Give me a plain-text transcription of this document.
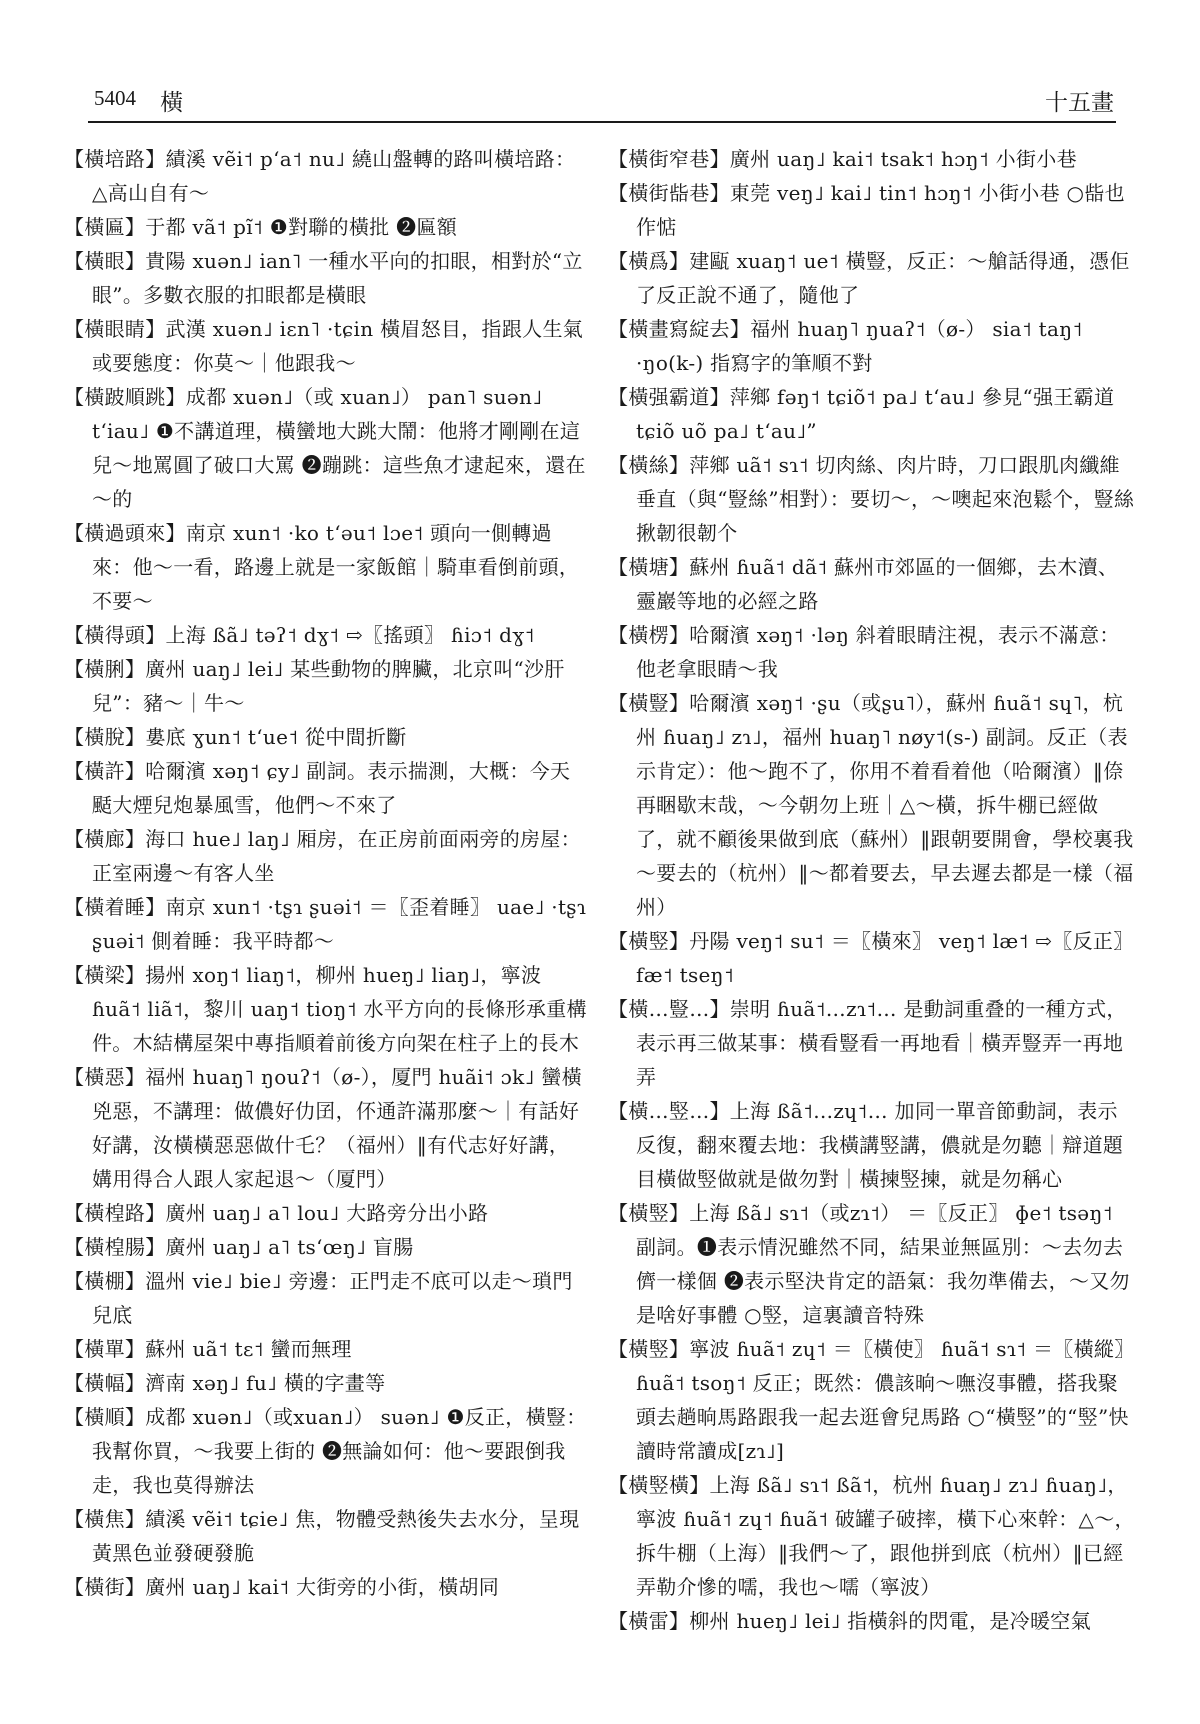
5404 橫	十五畫

【橫培路】績溪 vẽi˦ p‘a˦ nu˩ 繞山盤轉的路叫橫培路：△高山自有～

【橫匾】于都 vã˦ pĩ˦ ❶對聯的橫批 ❷匾額

【橫眼】貴陽 xuən˩ ian˥ 一種水平向的扣眼，相對於“立眼”。多數衣服的扣眼都是橫眼

【橫眼睛】武漢 xuən˩ iɛn˥ ·tɕin 橫眉怒目，指跟人生氣或要態度：你莫～｜他跟我～

【橫跛順跳】成都 xuən˩（或 xuan˩） pan˥ suən˩ t‘iau˩ ❶不講道理，橫蠻地大跳大鬧：他將才剛剛在這兒～地罵圓了破口大罵 ❷蹦跳：這些魚才逮起來，還在～的

【橫過頭來】南京 xun˦ ·ko t‘əu˦ lɔe˦ 頭向一側轉過來：他～一看，路邊上就是一家飯館｜騎車看倒前頭，不要～

【橫得頭】上海 ßã˩ təʔ˦ dɣ˦ ⇨〖搖頭〗 ɦiɔ˦ dɣ˦

【橫脷】廣州 uaŋ˩ lei˩ 某些動物的脾臟，北京叫“沙肝兒”：豬～｜牛～

【橫脫】婁底 ɣun˦ t‘ue˦ 從中間折斷

【橫許】哈爾濱 xəŋ˦ ɕy˩ 副詞。表示揣測，大概：今天颳大煙兒炮暴風雪，他們～不來了

【橫廊】海口 hue˩ laŋ˩ 厢房，在正房前面兩旁的房屋：正室兩邊～有客人坐

【橫着睡】南京 xun˦ ·tʂɿ ʂuəi˦ ＝〖歪着睡〗 uae˩ ·tʂɿ ʂuəi˦ 側着睡：我平時都～

【橫梁】揚州 xoŋ˦ liaŋ˦，柳州 hueŋ˩ liaŋ˩，寧波 ɦuã˦ liã˦，黎川 uaŋ˦ tioŋ˦ 水平方向的長條形承重構件。木結構屋架中專指順着前後方向架在柱子上的長木

【橫惡】福州 huaŋ˥ ŋouʔ˦（ø-），厦門 huãi˦ ɔk˩ 蠻橫兇惡，不講理：做儂好仂囝，伓通許滿那麼～｜有話好好講，汝橫橫惡惡做什乇？（福州）‖有代志好好講，媾用得合人跟人家起退～（厦門）

【橫楻路】廣州 uaŋ˩ a˥ lou˩ 大路旁分出小路

【橫楻腸】廣州 uaŋ˩ a˥ ts‘œŋ˩ 盲腸

【橫棚】溫州 vie˩ bie˩ 旁邊：正門走不底可以走～瑣門兒底

【橫單】蘇州 uã˦ tɛ˦ 蠻而無理

【橫幅】濟南 xəŋ˩ fu˩ 橫的字畫等

【橫順】成都 xuən˩（或xuan˩） suən˩ ❶反正，橫豎：我幫你買，～我要上街的 ❷無論如何：他～要跟倒我走，我也莫得辦法

【橫焦】績溪 vẽi˦ tɕie˩ 焦，物體受熱後失去水分，呈現黃黑色並發硬發脆

【橫街】廣州 uaŋ˩ kai˦ 大街旁的小街，橫胡同

【橫街窄巷】廣州 uaŋ˩ kai˦ tsak˦ hɔŋ˦ 小街小巷

【橫街啙巷】東莞 veŋ˩ kai˩ tin˦ hɔŋ˦ 小街小巷 ○啙也作惦

【橫爲】建甌 xuaŋ˦ ue˦ 橫豎，反正：～艙話得通，憑佢了反正說不通了，隨他了

【橫畫寫綻去】福州 huaŋ˥ ŋuaʔ˦（ø-） sia˦ taŋ˦ ·ŋo(k-) 指寫字的筆順不對

【橫强霸道】萍鄉 fəŋ˦ tɕiõ˦ pa˩ t‘au˩ 參見“强王霸道 tɕiõ uõ pa˩ t‘au˩”

【橫絲】萍鄉 uã˦ sɿ˦ 切肉絲、肉片時，刀口跟肌肉纖維垂直（與“豎絲”相對）：要切～，～噢起來泡鬆个，豎絲揪韌很韌个

【橫塘】蘇州 ɦuã˦ dã˦ 蘇州市郊區的一個鄉，去木瀆、靈巖等地的必經之路

【橫楞】哈爾濱 xəŋ˦ ·ləŋ 斜着眼睛注視，表示不滿意：他老拿眼睛～我

【橫豎】哈爾濱 xəŋ˦ ·ʂu（或ʂu˥），蘇州 ɦuã˦ sɥ˥，杭州 ɦuaŋ˩ zɿ˩，福州 huaŋ˥ nøy˦(s-) 副詞。反正（表示肯定）：他～跑不了，你用不着看着他（哈爾濱）‖倷再睏歇末哉，～今朝勿上班｜△～橫，拆牛棚已經做了，就不顧後果做到底（蘇州）‖跟朝要開會，學校裏我～要去的（杭州）‖～都着要去，早去遲去都是一樣（福州）

【橫竪】丹陽 veŋ˦ su˦ ＝〖橫來〗 veŋ˦ læ˦ ⇨〖反正〗 fæ˦ tseŋ˦

【橫…豎…】崇明 ɦuã˦…zɿ˦… 是動詞重叠的一種方式，表示再三做某事：橫看豎看一再地看｜橫弄豎弄一再地弄

【橫…竪…】上海 ßã˦…zɥ˦… 加同一單音節動詞，表示反復，翻來覆去地：我橫講竪講，儂就是勿聽｜辯道題目橫做竪做就是做勿對｜橫揀竪揀，就是勿稱心

【橫竪】上海 ßã˩ sɿ˦（或zɿ˦） ＝〖反正〗 ɸe˦ tsəŋ˦ 副詞。❶表示情況雖然不同，結果並無區別：～去勿去儕一樣個 ❷表示堅決肯定的語氣：我勿準備去，～又勿是啥好事體 ○竪，這裏讀音特殊

【橫竪】寧波 ɦuã˦ zɥ˦ ＝〖橫使〗 ɦuã˦ sɿ˦ ＝〖橫縱〗 ɦuã˦ tsoŋ˦ 反正；既然：儂該晌～嘸沒事體，搭我聚頭去趟晌馬路跟我一起去逛會兒馬路 ○“橫竪”的“竪”快讀時常讀成[zɿ˩]

【橫竪橫】上海 ßã˩ sɿ˦ ßã˦，杭州 ɦuaŋ˩ zɿ˩ ɦuaŋ˩，寧波 ɦuã˦ zɥ˦ ɦuã˦ 破罐子破摔，橫下心來幹：△～，拆牛棚（上海）‖我們～了，跟他拼到底（杭州）‖已經弄勒介慘的嚅，我也～嚅（寧波）

【橫雷】柳州 hueŋ˩ lei˩ 指橫斜的閃電，是冷暖空氣
